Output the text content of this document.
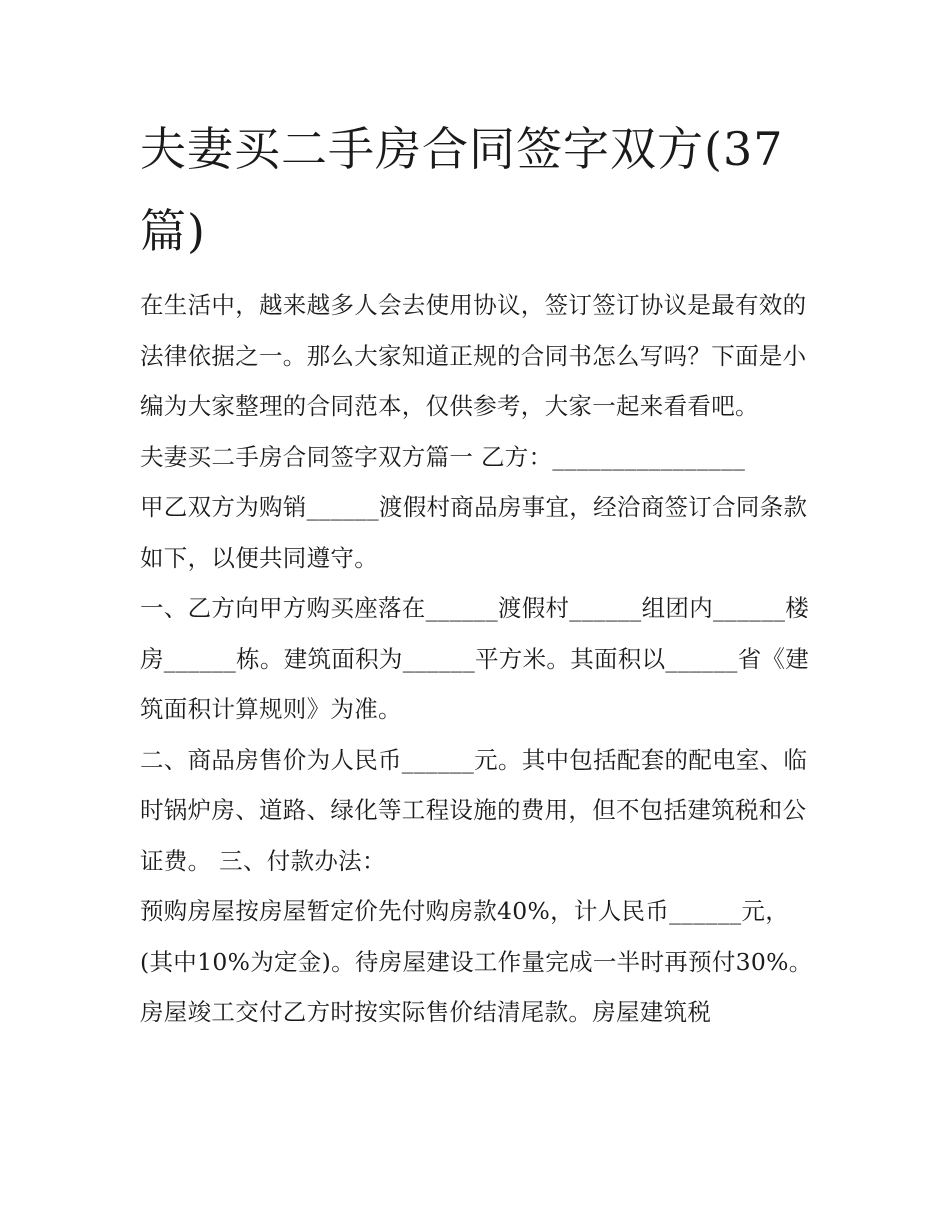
夫妻买二手房合同签字双方(37篇)

在生活中，越来越多人会去使用协议，签订签订协议是最有效的法律依据之一。那么大家知道正规的合同书怎么写吗？下面是小编为大家整理的合同范本，仅供参考，大家一起来看看吧。

夫妻买二手房合同签字双方篇一 乙方：________________

甲乙双方为购销______渡假村商品房事宜，经洽商签订合同条款如下，以便共同遵守。

一、乙方向甲方购买座落在______渡假村______组团内______楼房______栋。建筑面积为______平方米。其面积以______省《建筑面积计算规则》为准。

二、商品房售价为人民币______元。其中包括配套的配电室、临时锅炉房、道路、绿化等工程设施的费用，但不包括建筑税和公证费。 三、付款办法：

预购房屋按房屋暂定价先付购房款40%，计人民币______元，(其中10%为定金)。待房屋建设工作量完成一半时再预付30%。房屋竣工交付乙方时按实际售价结清尾款。房屋建筑税
